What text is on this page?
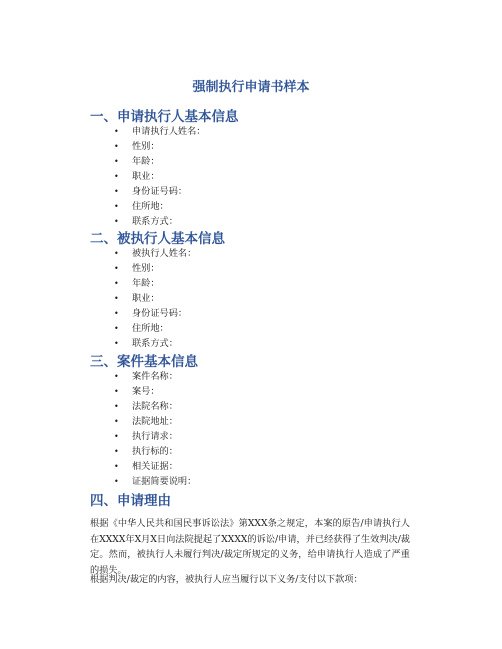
强制执行申请书样本
一、申请执行人基本信息
• 申请执行人姓名：
• 性别：
• 年龄：
• 职业：
• 身份证号码：
• 住所地：
• 联系方式：
二、被执行人基本信息
• 被执行人姓名：
• 性别：
• 年龄：
• 职业：
• 身份证号码：
• 住所地：
• 联系方式：
三、案件基本信息
• 案件名称：
• 案号：
• 法院名称：
• 法院地址：
• 执行请求：
• 执行标的：
• 相关证据：
• 证据简要说明：
四、申请理由

根据《中华人民共和国民事诉讼法》第XXX条之规定，本案的原告/申请执行人在XXXX年X月X日向法院提起了XXXX的诉讼/申请，并已经获得了生效判决/裁定。然而，被执行人未履行判决/裁定所规定的义务，给申请执行人造成了严重的损失。

根据判决/裁定的内容，被执行人应当履行以下义务/支付以下款项：
